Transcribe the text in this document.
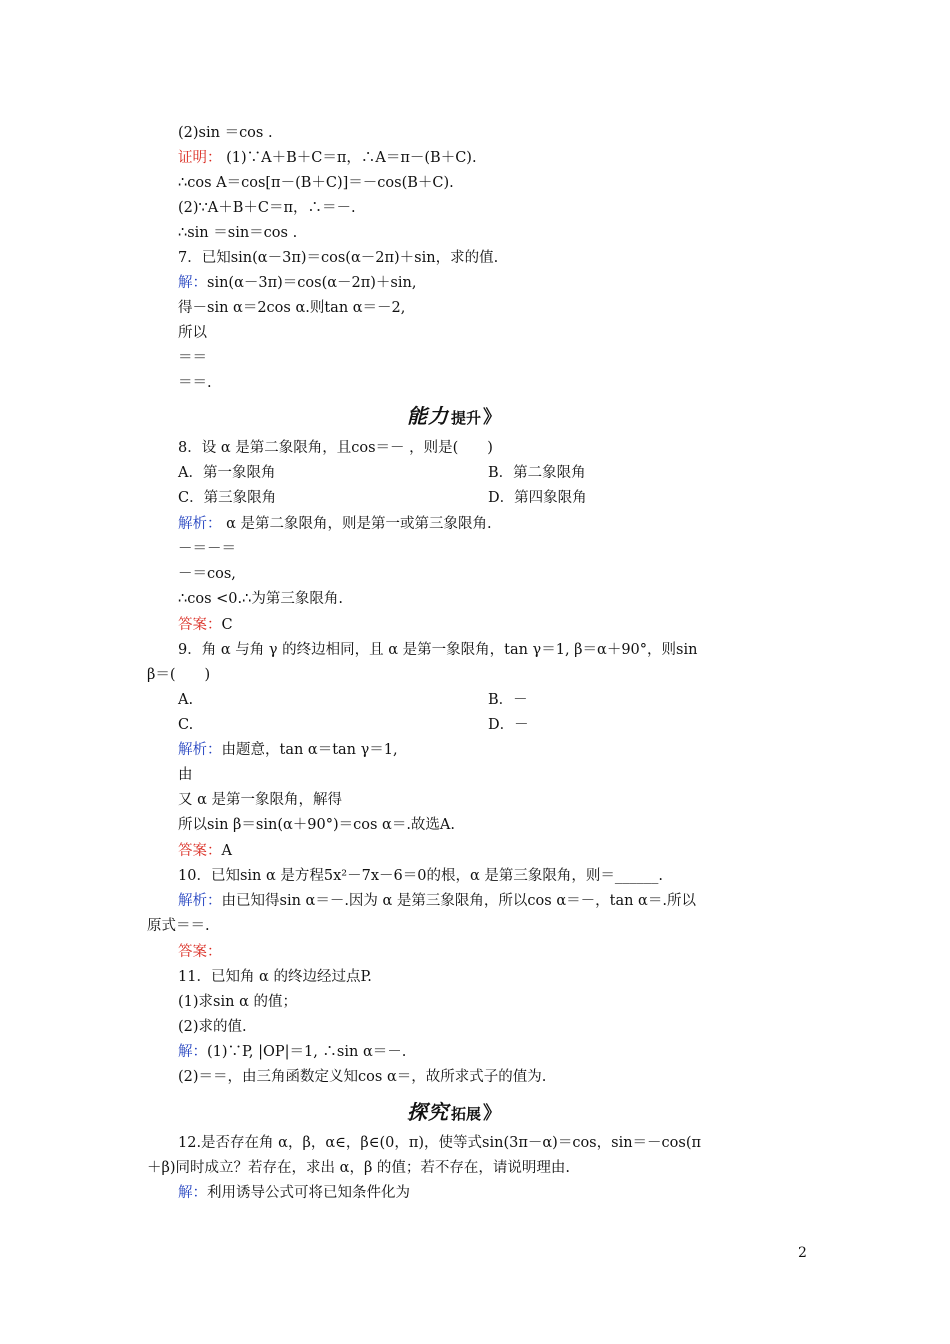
(2)sin ＝cos .
证明： (1)∵A＋B＋C＝π，∴A＝π－(B＋C).
∴cos A＝cos[π－(B＋C)]＝－cos(B＋C).
(2)∵A＋B＋C＝π，∴＝－.
∴sin ＝sin＝cos .
7．已知sin(α－3π)＝cos(α－2π)＋sin，求的值.
解：sin(α－3π)＝cos(α－2π)＋sin,
得－sin α＝2cos α.则tan α＝－2,
所以
＝＝
＝＝.
能力 提升 》
8．设 α 是第二象限角，且cos＝－ ，则是(　　)
A．第一象限角	B．第二象限角
C．第三象限角	D．第四象限角
解析： α 是第二象限角，则是第一或第三象限角.
－＝－＝
－＝cos,
∴cos <0.∴为第三象限角.
答案：C
9．角 α 与角 γ 的终边相同，且 α 是第一象限角，tan γ＝1, β＝α＋90°，则sin
β＝(　　)
A.	B．－
C.	D．－
解析：由题意，tan α＝tan γ＝1,
由
又 α 是第一象限角，解得
所以sin β＝sin(α＋90°)＝cos α＝.故选A.
答案：A
10．已知sin α 是方程5x²－7x－6＝0的根，α 是第三象限角，则＝______.
解析：由已知得sin α＝－.因为 α 是第三象限角，所以cos α＝－，tan α＝.所以
原式＝＝.
答案：
11．已知角 α 的终边经过点P.
(1)求sin α 的值；
(2)求的值.
解：(1)∵P, |OP|＝1, ∴sin α＝－.
(2)＝＝，由三角函数定义知cos α＝，故所求式子的值为.
探究 拓展 》
12.是否存在角 α，β，α∈，β∈(0，π)，使等式sin(3π－α)＝cos，sin＝－cos(π
＋β)同时成立？若存在，求出 α，β 的值；若不存在，请说明理由.
解：利用诱导公式可将已知条件化为
2
